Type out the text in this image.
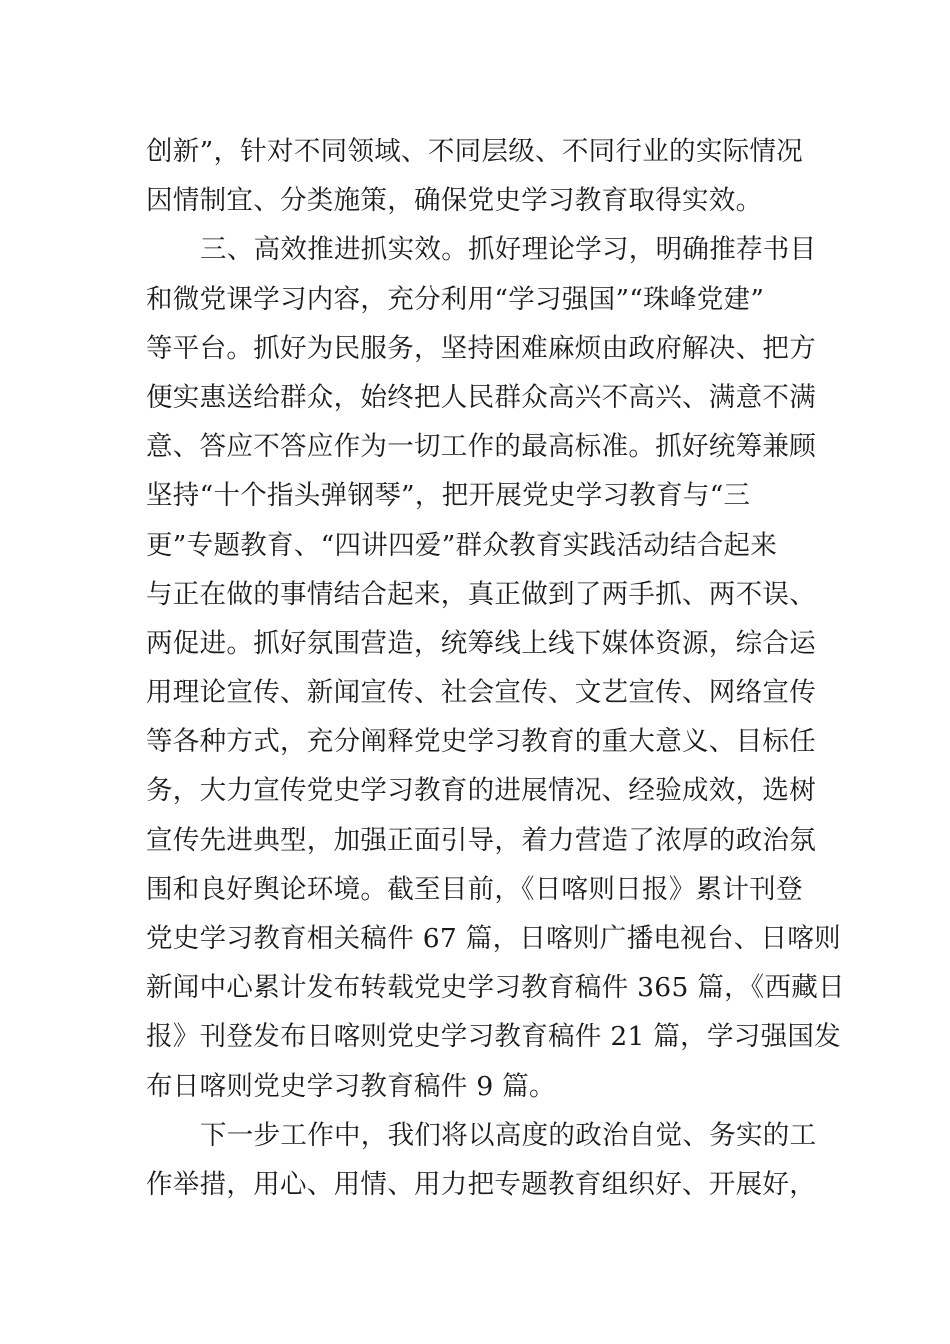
创新”，针对不同领域、不同层级、不同行业的实际情况
因情制宜、分类施策，确保党史学习教育取得实效。
三、高效推进抓实效。抓好理论学习，明确推荐书目
和微党课学习内容，充分利用“学习强国”“珠峰党建”
等平台。抓好为民服务，坚持困难麻烦由政府解决、把方
便实惠送给群众，始终把人民群众高兴不高兴、满意不满
意、答应不答应作为一切工作的最高标准。抓好统筹兼顾
坚持“十个指头弹钢琴”，把开展党史学习教育与“三
更”专题教育、“四讲四爱”群众教育实践活动结合起来
与正在做的事情结合起来，真正做到了两手抓、两不误、
两促进。抓好氛围营造，统筹线上线下媒体资源，综合运
用理论宣传、新闻宣传、社会宣传、文艺宣传、网络宣传
等各种方式，充分阐释党史学习教育的重大意义、目标任
务，大力宣传党史学习教育的进展情况、经验成效，选树
宣传先进典型，加强正面引导，着力营造了浓厚的政治氛
围和良好舆论环境。截至目前，《日喀则日报》累计刊登
党史学习教育相关稿件 67 篇，日喀则广播电视台、日喀则
新闻中心累计发布转载党史学习教育稿件 365 篇，《西藏日
报》刊登发布日喀则党史学习教育稿件 21 篇，学习强国发
布日喀则党史学习教育稿件 9 篇。
下一步工作中，我们将以高度的政治自觉、务实的工
作举措，用心、用情、用力把专题教育组织好、开展好，
